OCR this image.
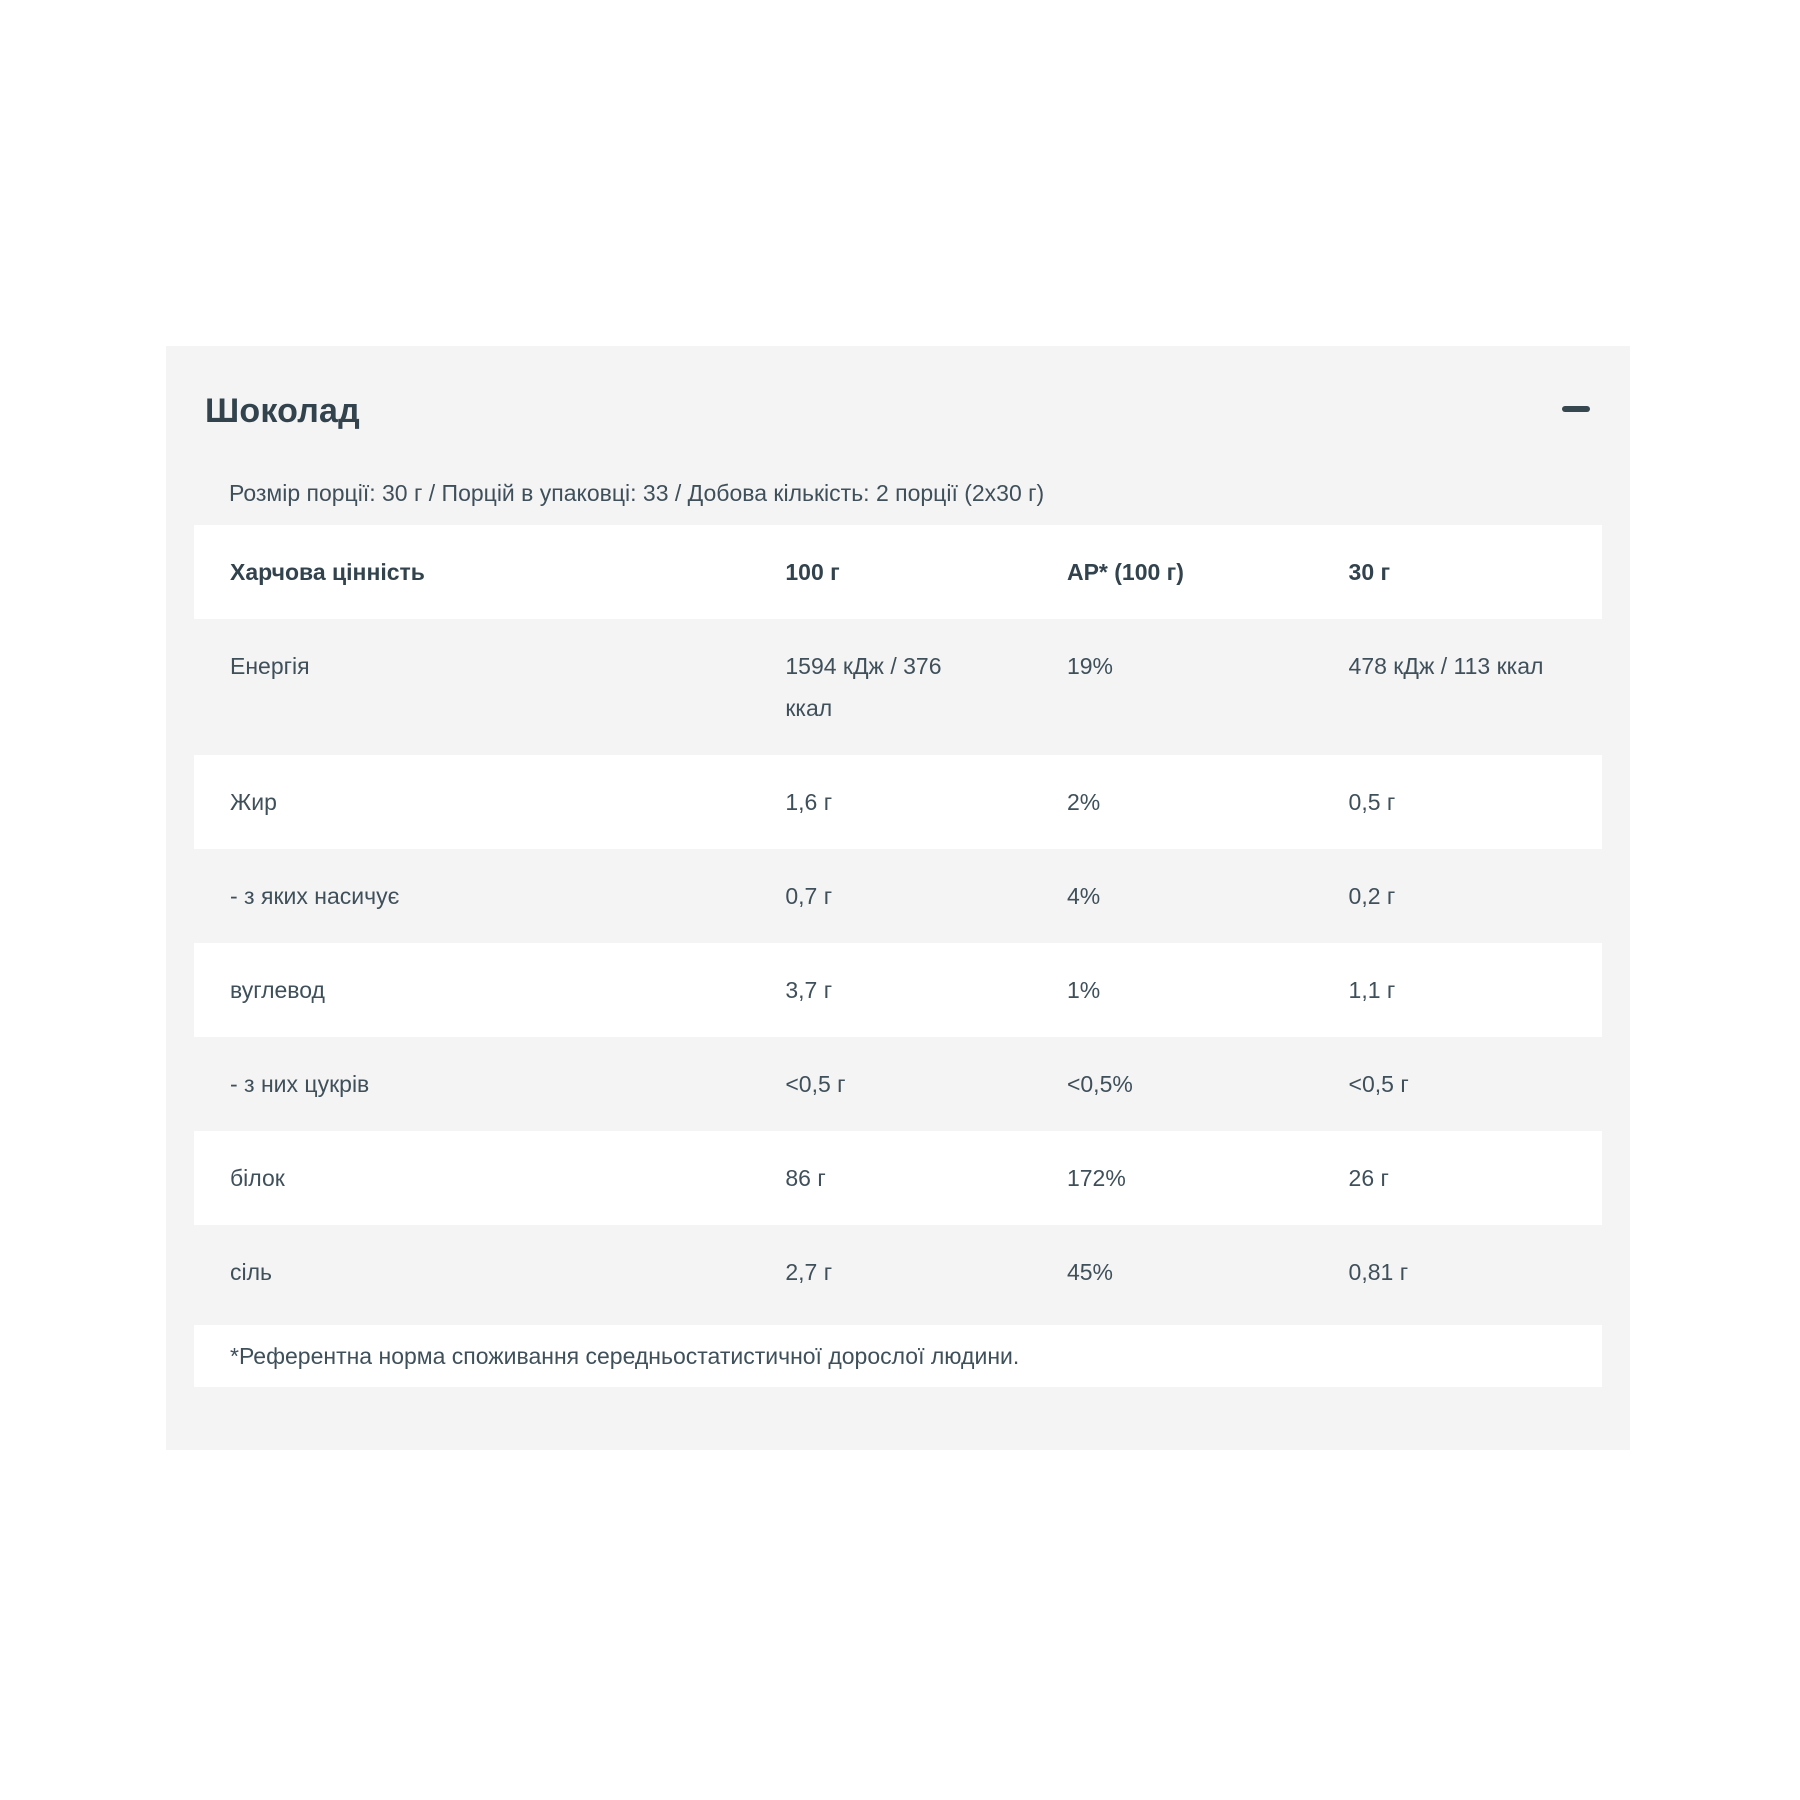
Шоколад

Розмір порції: 30 г / Порцій в упаковці: 33 / Добова кількість: 2 порції (2x30 г)

Харчова цінність	100 г	АР* (100 г)	30 г
Енергія	1594 кДж / 376 ккал	19%	478 кДж / 113 ккал
Жир	1,6 г	2%	0,5 г
- з яких насичує	0,7 г	4%	0,2 г
вуглевод	3,7 г	1%	1,1 г
- з них цукрів	<0,5 г	<0,5%	<0,5 г
білок	86 г	172%	26 г
сіль	2,7 г	45%	0,81 г
*Референтна норма споживання середньостатистичної дорослої людини.
